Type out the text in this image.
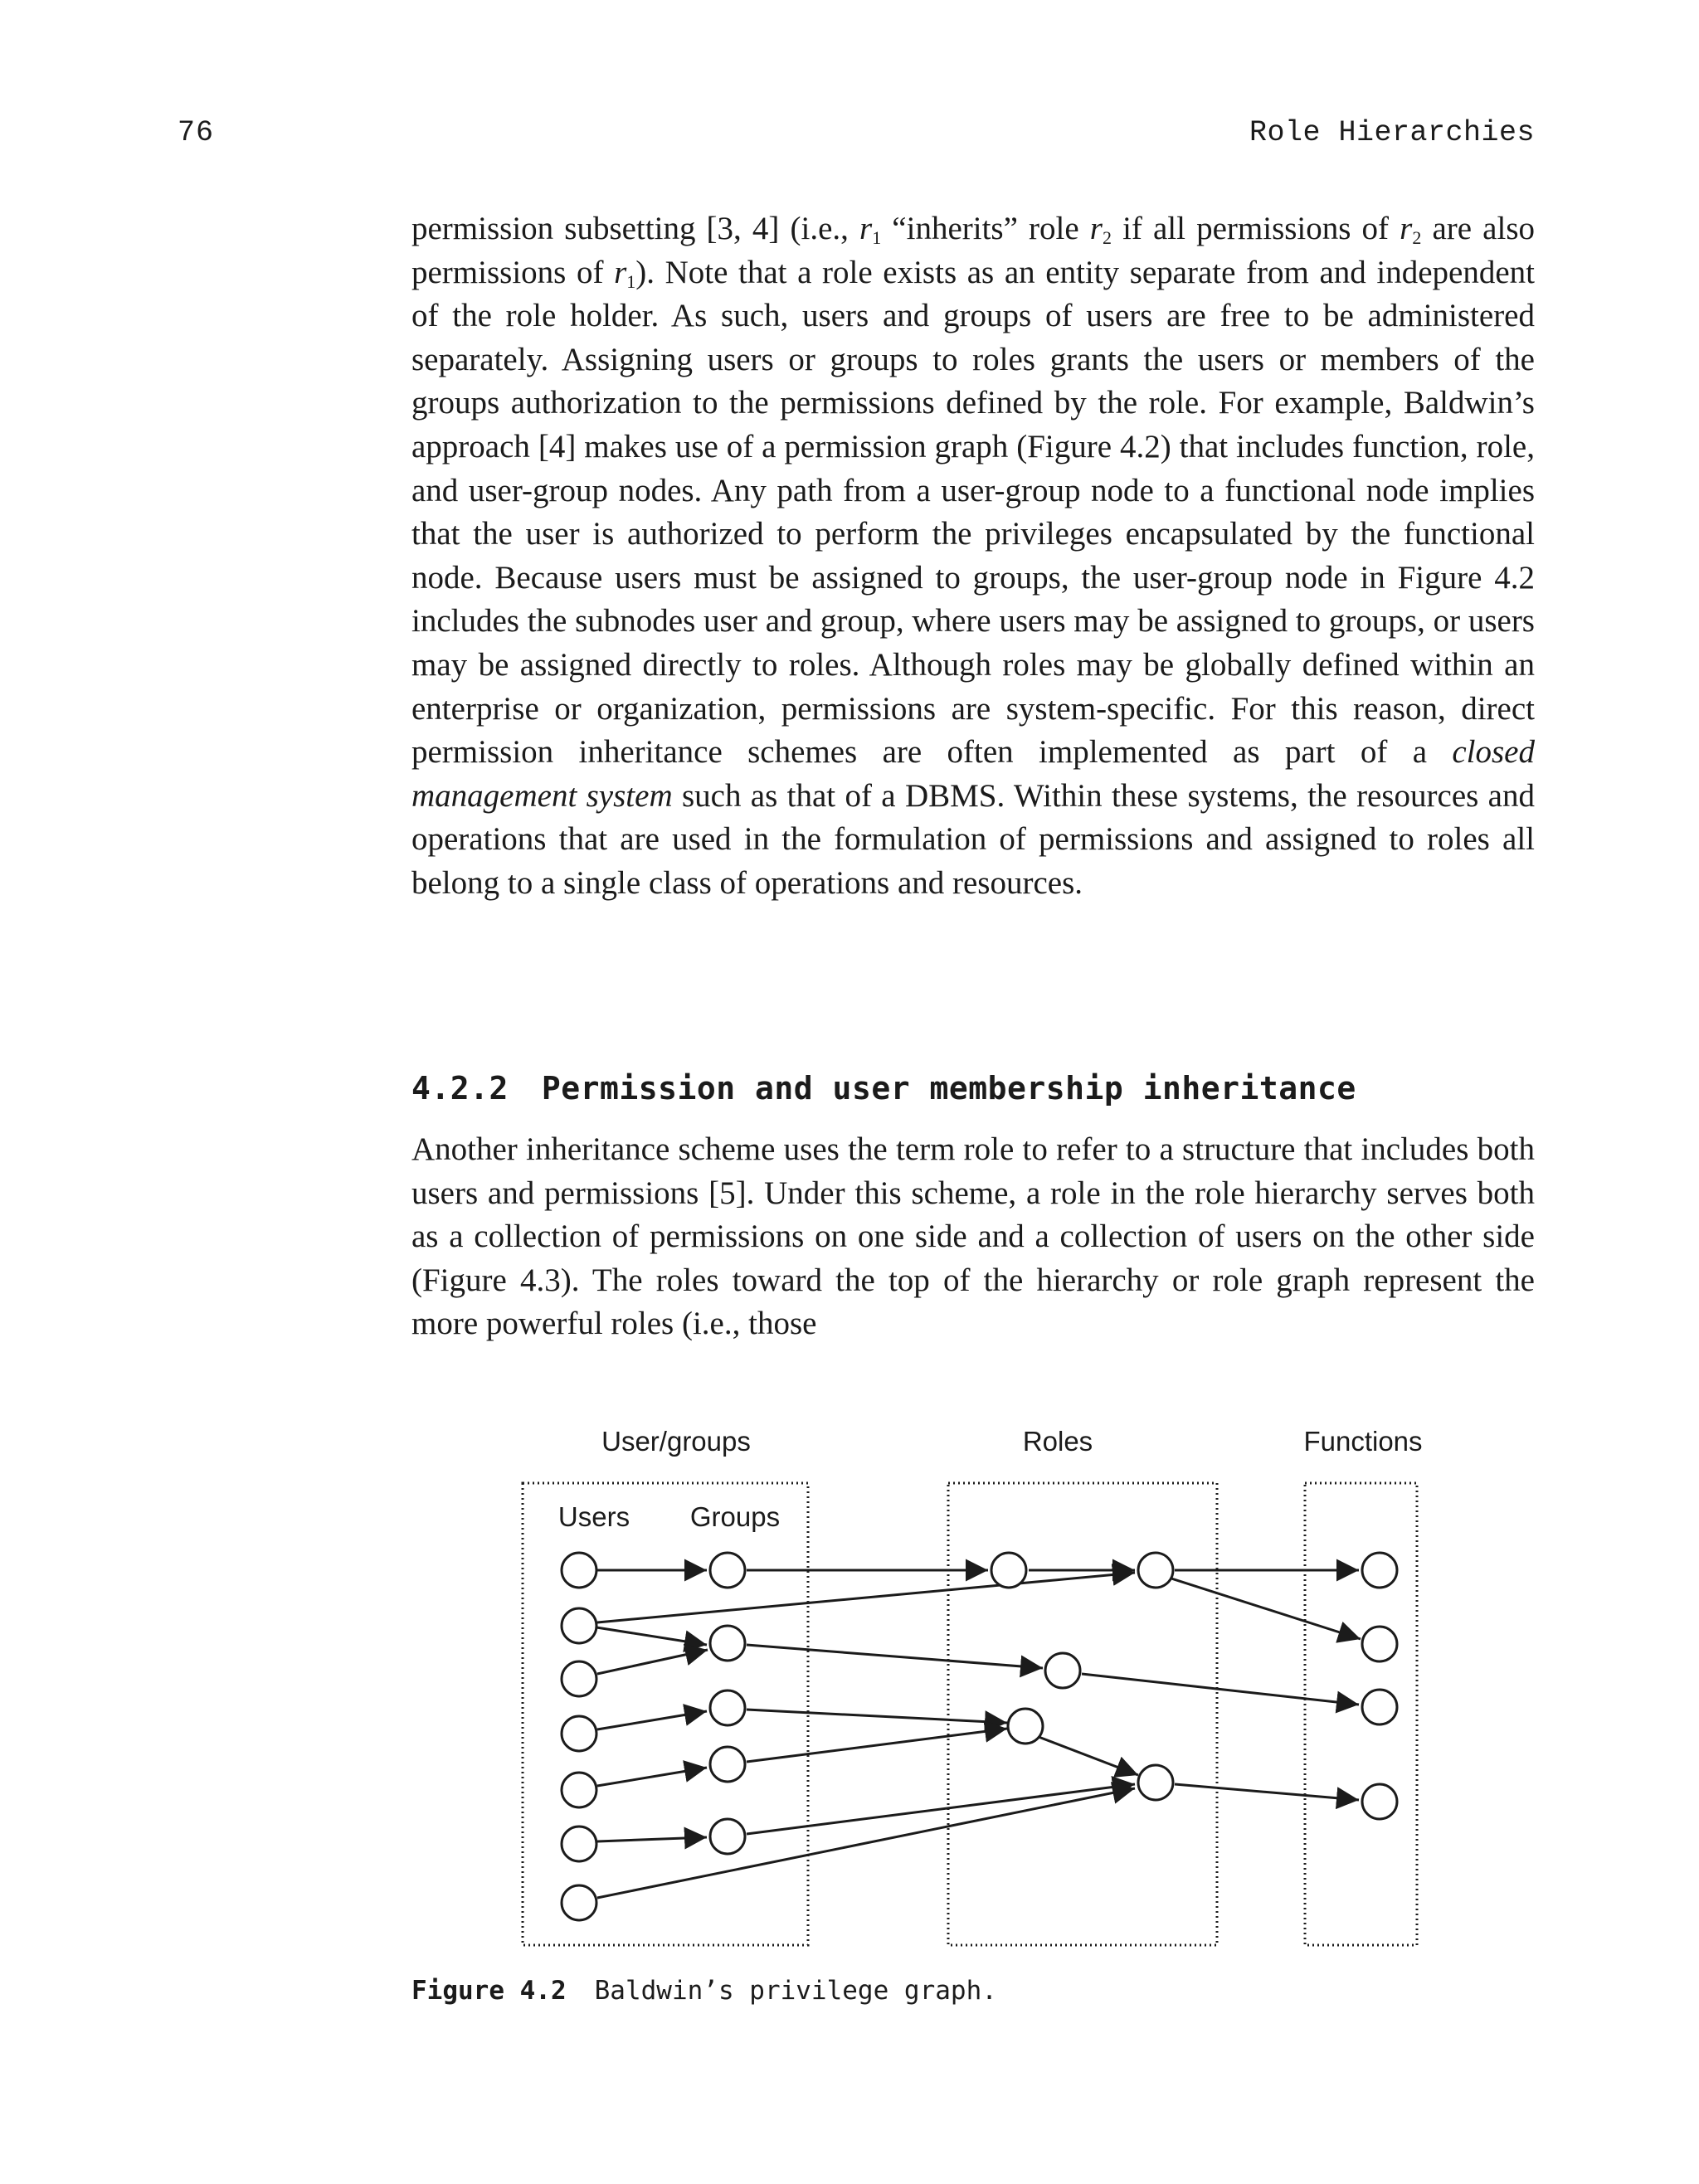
76	Role Hierarchies
permission subsetting [3, 4] (i.e., $r_1$ “inherits” role $r_2$ if all permissions of $r_2$ are also permissions of $r_1$). Note that a role exists as an entity separate from and independent of the role holder. As such, users and groups of users are free to be administered separately. Assigning users or groups to roles grants the users or members of the groups authorization to the permissions defined by the role. For example, Baldwin’s approach [4] makes use of a permission graph (Figure 4.2) that includes function, role, and user-group nodes. Any path from a user-group node to a functional node implies that the user is authorized to perform the privileges encapsulated by the functional node. Because users must be assigned to groups, the user-group node in Figure 4.2 includes the subnodes user and group, where users may be assigned to groups, or users may be assigned directly to roles. Although roles may be globally defined within an enterprise or organization, permissions are system-specific. For this reason, direct permission inheritance schemes are often implemented as part of a closed management system such as that of a DBMS. Within these systems, the resources and operations that are used in the formulation of permissions and assigned to roles all belong to a single class of operations and resources.
4.2.2 Permission and user membership inheritance
Another inheritance scheme uses the term role to refer to a structure that includes both users and permissions [5]. Under this scheme, a role in the role hierarchy serves both as a collection of permissions on one side and a collection of users on the other side (Figure 4.3). The roles toward the top of the hierarchy or role graph represent the more powerful roles (i.e., those
User/groups	Roles	Functions
Users Groups
Figure 4.2 Baldwin’s privilege graph.
